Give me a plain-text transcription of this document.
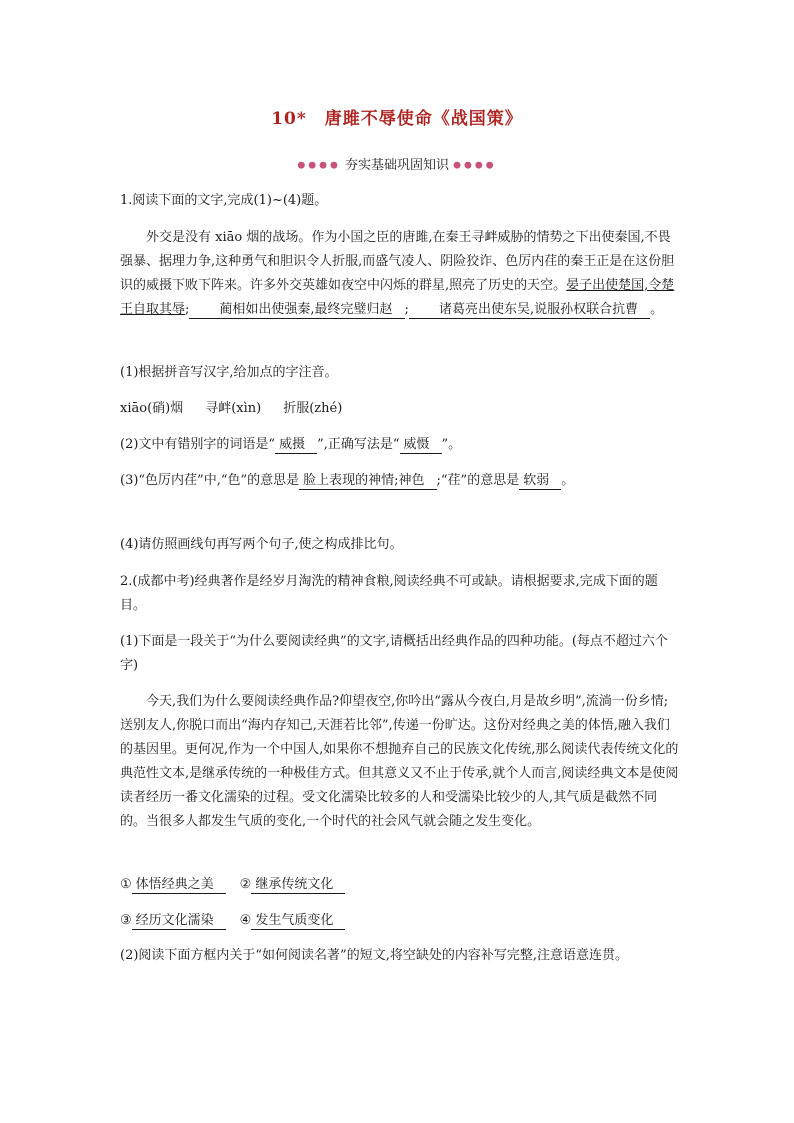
10* 唐雎不辱使命《战国策》
●●●● 夯实基础巩固知识 ●●●●
1.阅读下面的文字,完成(1)~(4)题。
外交是没有 xiāo 烟的战场。作为小国之臣的唐雎,在秦王寻衅威胁的情势之下出使秦国,不畏强暴、据理力争,这种勇气和胆识令人折服,而盛气凌人、阴险狡诈、色厉内荏的秦王正是在这份胆识的威摄下败下阵来。许多外交英雄如夜空中闪烁的群星,照亮了历史的天空。晏子出使楚国,令楚王自取其辱; 蔺相如出使强秦,最终完璧归赵 ; 诸葛亮出使东吴,说服孙权联合抗曹 。
(1)根据拼音写汉字,给加点的字注音。
xiāo(硝)烟 寻衅(xìn) 折服(zhé)
(2)文中有错别字的词语是“ 威摄 ”,正确写法是“ 威慑 ”。
(3)“色厉内荏”中,“色”的意思是 脸上表现的神情;神色 ;“荏”的意思是 软弱 。
(4)请仿照画线句再写两个句子,使之构成排比句。
2.(成都中考)经典著作是经岁月淘洗的精神食粮,阅读经典不可或缺。请根据要求,完成下面的题目。
(1)下面是一段关于“为什么要阅读经典”的文字,请概括出经典作品的四种功能。(每点不超过六个字)
今天,我们为什么要阅读经典作品?仰望夜空,你吟出“露从今夜白,月是故乡明”,流淌一份乡情;送别友人,你脱口而出“海内存知己,天涯若比邻”,传递一份旷达。这份对经典之美的体悟,融入我们的基因里。更何况,作为一个中国人,如果你不想抛弃自己的民族文化传统,那么阅读代表传统文化的典范性文本,是继承传统的一种极佳方式。但其意义又不止于传承,就个人而言,阅读经典文本是使阅读者经历一番文化濡染的过程。受文化濡染比较多的人和受濡染比较少的人,其气质是截然不同的。当很多人都发生气质的变化,一个时代的社会风气就会随之发生变化。
① 体悟经典之美 ② 继承传统文化
③ 经历文化濡染 ④ 发生气质变化
(2)阅读下面方框内关于“如何阅读名著”的短文,将空缺处的内容补写完整,注意语意连贯。
